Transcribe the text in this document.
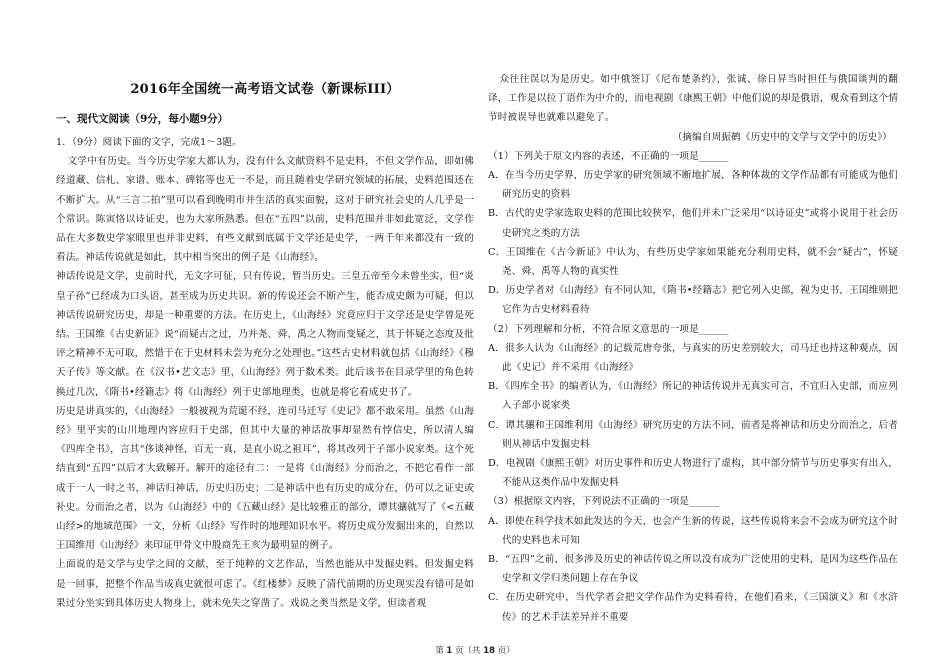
2016年全国统一高考语文试卷（新课标III）
一、现代文阅读（9分，每小题9分）

1．（9分）阅读下面的文字，完成1～3题。

文学中有历史。当今历史学家大都认为，没有什么文献资料不是史料，不但文学作品，即如佛经道藏、信札、家谱、账本、碑铭等也无一不是，而且随着史学研究领域的拓展，史料范围还在不断扩大。从“三言二拍”里可以看到晚明市井生活的真实面貌，这对于研究社会史的人几乎是一个常识。陈寅恪以诗证史，也为大家所熟悉。但在“五四”以前，史料范围并非如此宽泛，文学作品在大多数史学家眼里也并非史料，有些文献到底属于文学还是史学，一两千年来都没有一致的看法。神话传说就是如此，其中相当突出的例子是《山海经》。

神话传说是文学，史前时代，无文字可征，只有传说，暂当历史。三皇五帝至今未曾坐实，但“炎皇子孙”已经成为口头语，甚至成为历史共识。新的传说还会不断产生，能否成史颇为可疑，但以神话传说研究历史，却是一种重要的方法。在历史上，《山海经》究竟应归于文学还是史学曾是死结。王国维《古史新证》说“而疑古之过，乃并尧、舜、禹之人物而变疑之，其于怀疑之态度及批评之精神不无可取，然惜于在于史材料未尝为充分之处理也。”这些古史材料就包括《山海经》《穆天子传》等文献。在《汉书•艺文志》里，《山海经》列于数术类。此后该书在目录学里的角色转换过几次，《隋书•经籍志》将《山海经》列于史部地理类，也就是将它看成史书了。

历史是讲真实的，《山海经》一般被视为荒诞不经，连司马迁写《史记》都不敢采用。虽然《山海经》里平实的山川地理内容应归于史部，但其中大量的神话故事却显然有悖信史，所以清人编《四库全书》，言其“侈谈神怪，百无一真，是直小说之祖耳”，将其改列于子部小说家类。这个死结直到“五四”以后才大致解开。解开的途径有二：一是将《山海经》分而治之，不把它看作一部成于一人一时之书，神话归神话，历史归历史；二是神话中也有历史的成分在，仍可以之证史或补史。分而治之者，以为《山海经》中的《五藏山经》是比较雅正的部分，谭其骧就写了《<五藏山经>的地域范围》一文，分析《山经》写作时的地理知识水平。将历史成分发掘出来的，自然以王国维用《山海经》来印证甲骨文中殷商先王亥为最明显的例子。

上面说的是文学与史学之间的文献，至于纯粹的文艺作品，当然也能从中发掘史料。但发掘史料是一回事，把整个作品当成真史就很可虑了。《红楼梦》反映了清代前期的历史现实没有错可是如果过分坐实到具体历史人物身上，就未免失之穿凿了。戏说之类当然是文学，但读者观

众往往误以为是历史。如中俄签订《尼布楚条约》，张诚、徐日昇当时担任与俄国谈判的翻译，工作是以拉丁语作为中介的，而电视剧《康熙王朝》中他们说的却是俄语，观众看到这个情节时被误导也就难以避免了。

（摘编自周振鹤《历史中的文学与文学中的历史》）

（1）下列关于原文内容的表述，不正确的一项是______

A．在当今历史学界，历史学家的研究领域不断地扩展，各种体裁的文学作品都有可能成为他们研究历史的资料

B．古代的史学家选取史料的范围比较狭窄，他们并未广泛采用“以诗证史”或将小说用于社会历史研究之类的方法

C．王国维在《古今新证》中认为，有些历史学家如果能充分利用史料，就不会“疑古”，怀疑尧、舜、禹等人物的真实性

D．历史学者对《山海经》有不同认知，《隋书•经籍志》把它列入史部，视为史书，王国维则把它作为古史材料看待

（2）下列理解和分析，不符合原文意思的一项是______

A．很多人认为《山海经》的记载荒唐夸张，与真实的历史差别较大，司马迁也持这种观点，因此《史记》并不采用《山海经》

B．《四库全书》的编者认为，《山海经》所记的神话传说并无真实可言，不宜归入史部，而应列入子部小说家类

C．谭其骧和王国维利用《山海经》研究历史的方法不同，前者是将神话和历史分而治之，后者则从神话中发掘史料

D．电视剧《康熙王朝》对历史事件和历史人物进行了虚构，其中部分情节与历史事实有出入，不能从这类作品中发掘史料

（3）根据原文内容，下列说法不正确的一项是______

A．即使在科学技术如此发达的今天，也会产生新的传说，这些传说将来会不会成为研究这个时代的史料也未可知

B．“五四”之前，很多涉及历史的神话传说之所以没有成为广泛使用的史料，是因为这些作品在史学和文学归类问题上存在争议

C．在历史研究中，当代学者会把文学作品作为史料看待，在他们看来，《三国演义》和《水浒传》的艺术手法差异并不重要

第 1 页（共 18 页）
